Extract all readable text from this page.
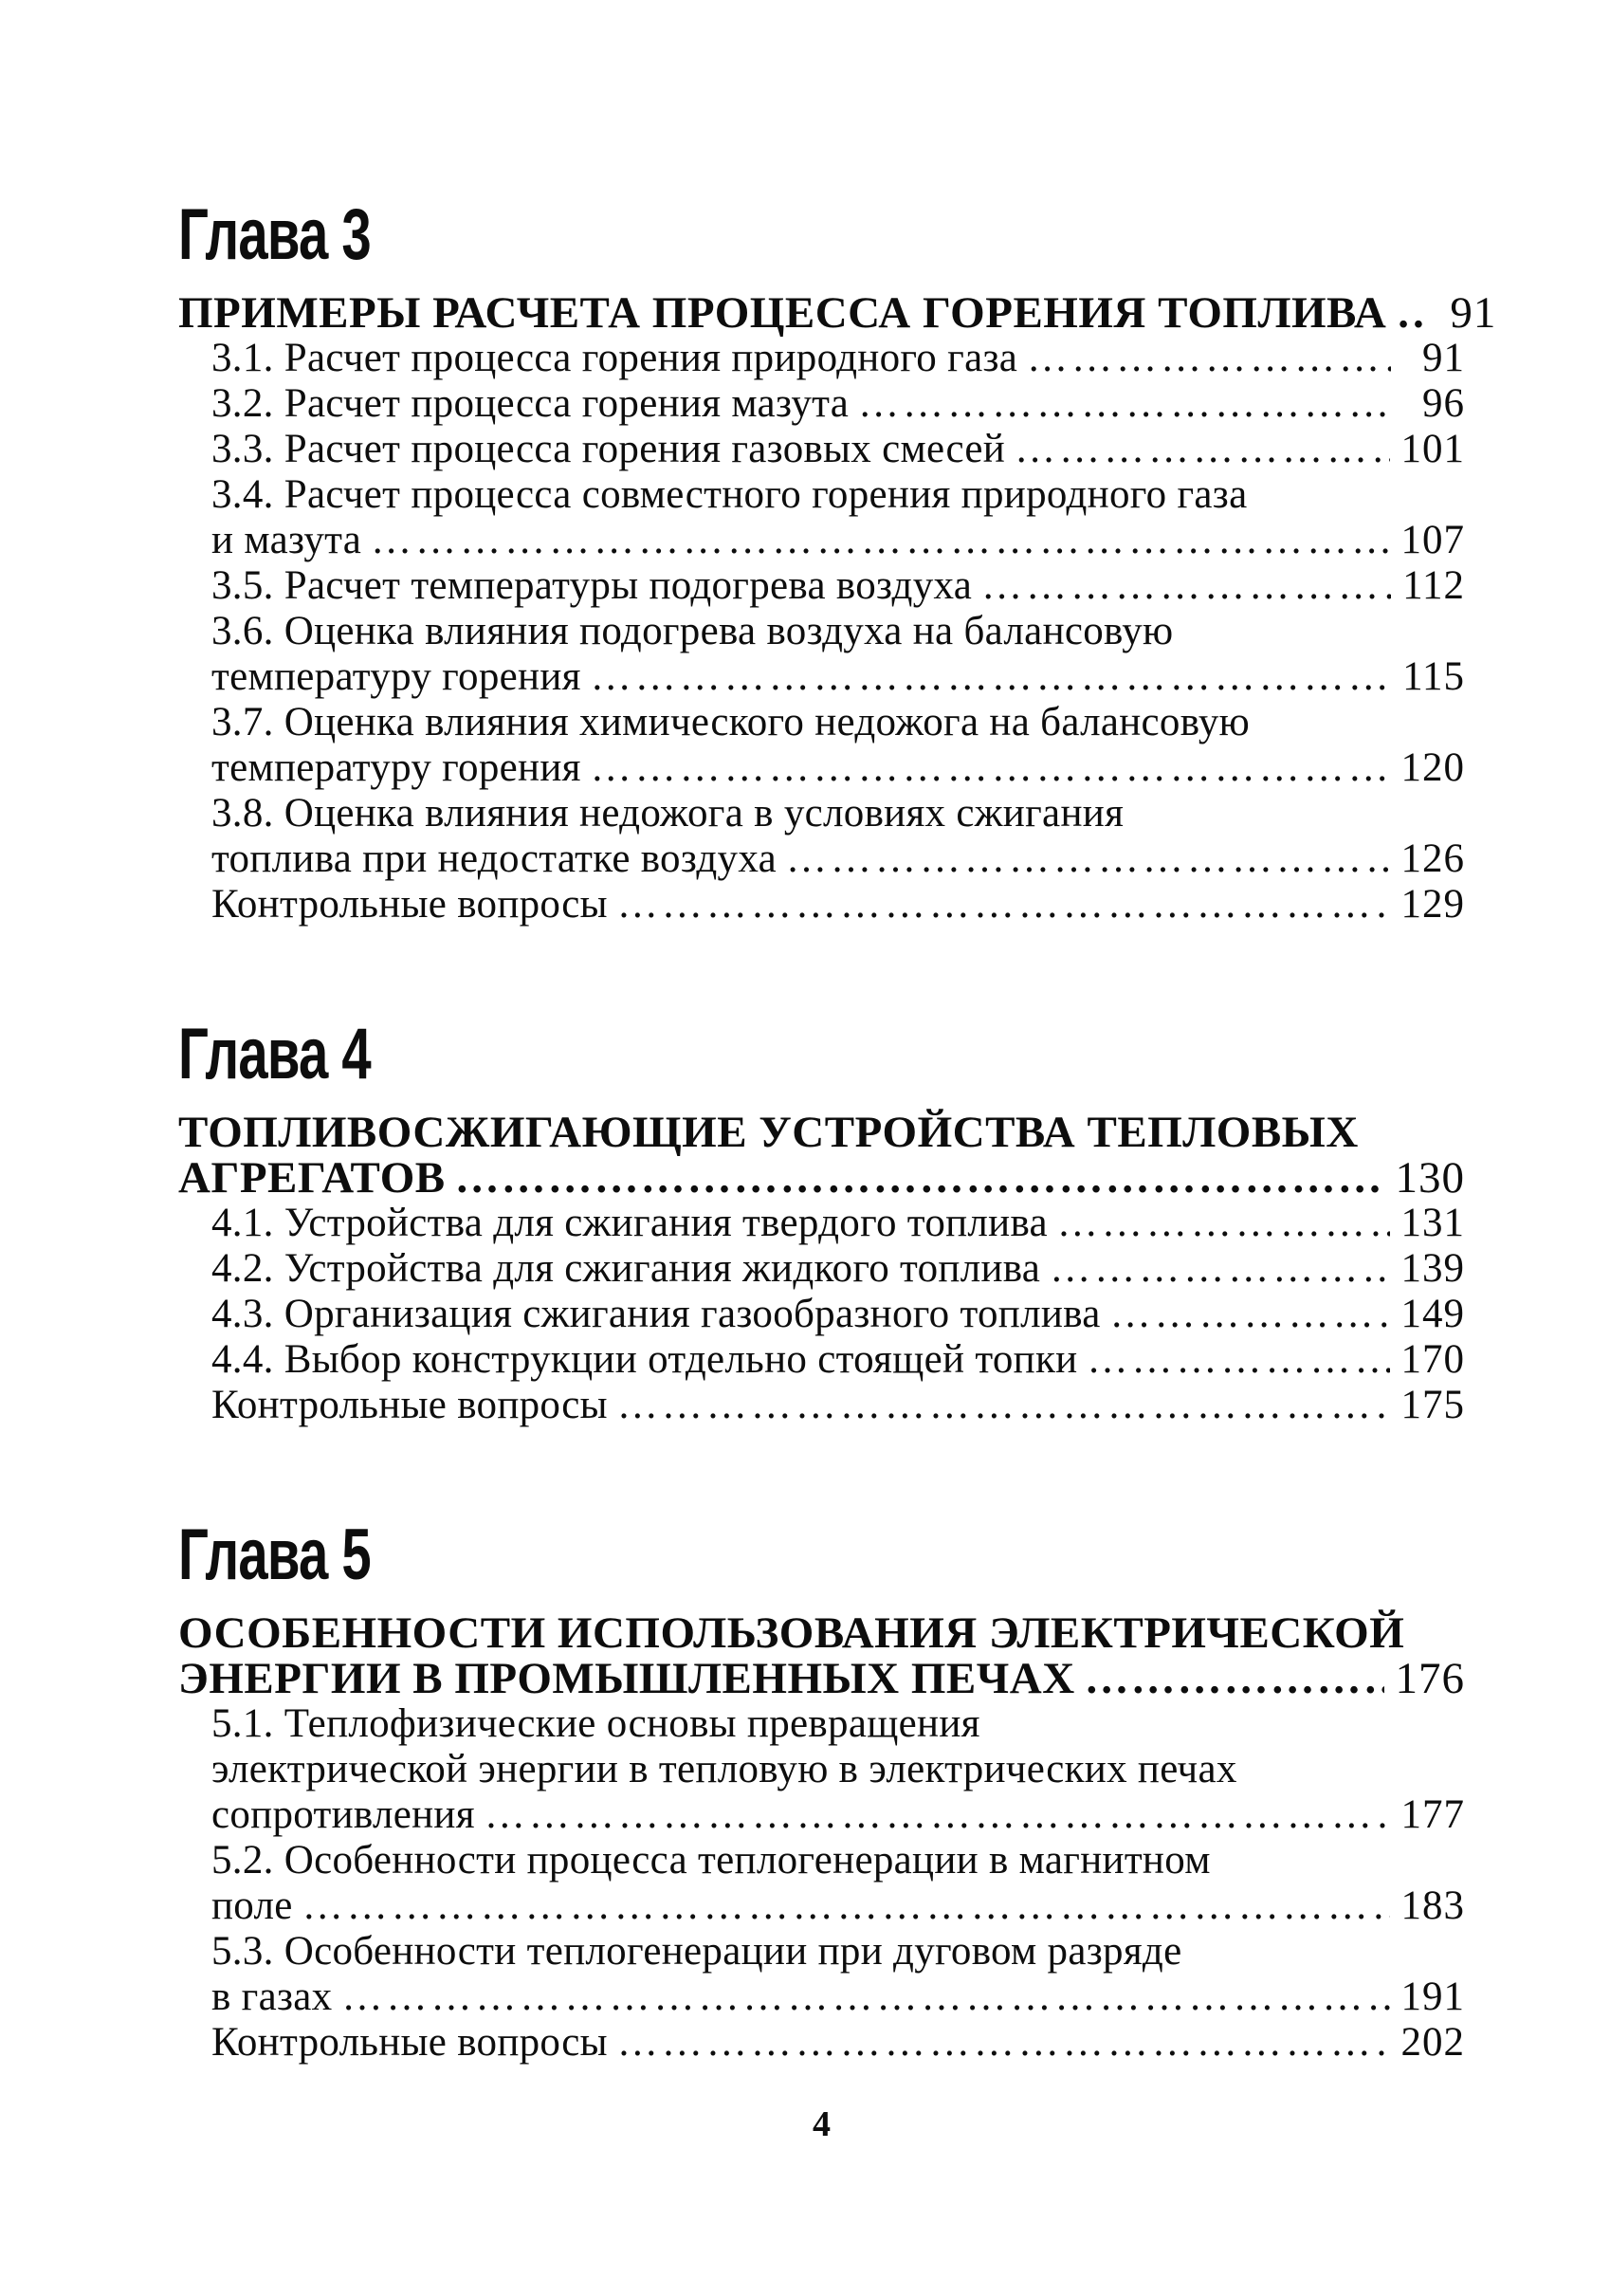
Глава 3
ПРИМЕРЫ РАСЧЕТА ПРОЦЕССА ГОРЕНИЯ ТОПЛИВА ……………………………………………………………………………………………………………………………………	91
3.1. Расчет процесса горения природного газа ……………………………………………………………………………………………………………………………………	91
3.2. Расчет процесса горения мазута ……………………………………………………………………………………………………………………………………	96
3.3. Расчет процесса горения газовых смесей ……………………………………………………………………………………………………………………………………	101
3.4. Расчет процесса совместного горения природного газа
и мазута ……………………………………………………………………………………………………………………………………	107
3.5. Расчет температуры подогрева воздуха ……………………………………………………………………………………………………………………………………	112
3.6. Оценка влияния подогрева воздуха на балансовую
температуру горения ……………………………………………………………………………………………………………………………………	115
3.7. Оценка влияния химического недожога на балансовую
температуру горения ……………………………………………………………………………………………………………………………………	120
3.8. Оценка влияния недожога в условиях сжигания
топлива при недостатке воздуха ……………………………………………………………………………………………………………………………………	126
Контрольные вопросы ……………………………………………………………………………………………………………………………………	129
Глава 4
ТОПЛИВОСЖИГАЮЩИЕ УСТРОЙСТВА ТЕПЛОВЫХ
АГРЕГАТОВ ……………………………………………………………………………………………………………………………………	130
4.1. Устройства для сжигания твердого топлива ……………………………………………………………………………………………………………………………………	131
4.2. Устройства для сжигания жидкого топлива ……………………………………………………………………………………………………………………………………	139
4.3. Организация сжигания газообразного топлива ……………………………………………………………………………………………………………………………………	149
4.4. Выбор конструкции отдельно стоящей топки ……………………………………………………………………………………………………………………………………	170
Контрольные вопросы ……………………………………………………………………………………………………………………………………	175
Глава 5
ОСОБЕННОСТИ ИСПОЛЬЗОВАНИЯ ЭЛЕКТРИЧЕСКОЙ
ЭНЕРГИИ В ПРОМЫШЛЕННЫХ ПЕЧАХ ……………………………………………………………………………………………………………………………………	176
5.1. Теплофизические основы превращения
электрической энергии в тепловую в электрических печах
сопротивления ……………………………………………………………………………………………………………………………………	177
5.2. Особенности процесса теплогенерации в магнитном
поле ……………………………………………………………………………………………………………………………………	183
5.3. Особенности теплогенерации при дуговом разряде
в газах ……………………………………………………………………………………………………………………………………	191
Контрольные вопросы ……………………………………………………………………………………………………………………………………	202
4
